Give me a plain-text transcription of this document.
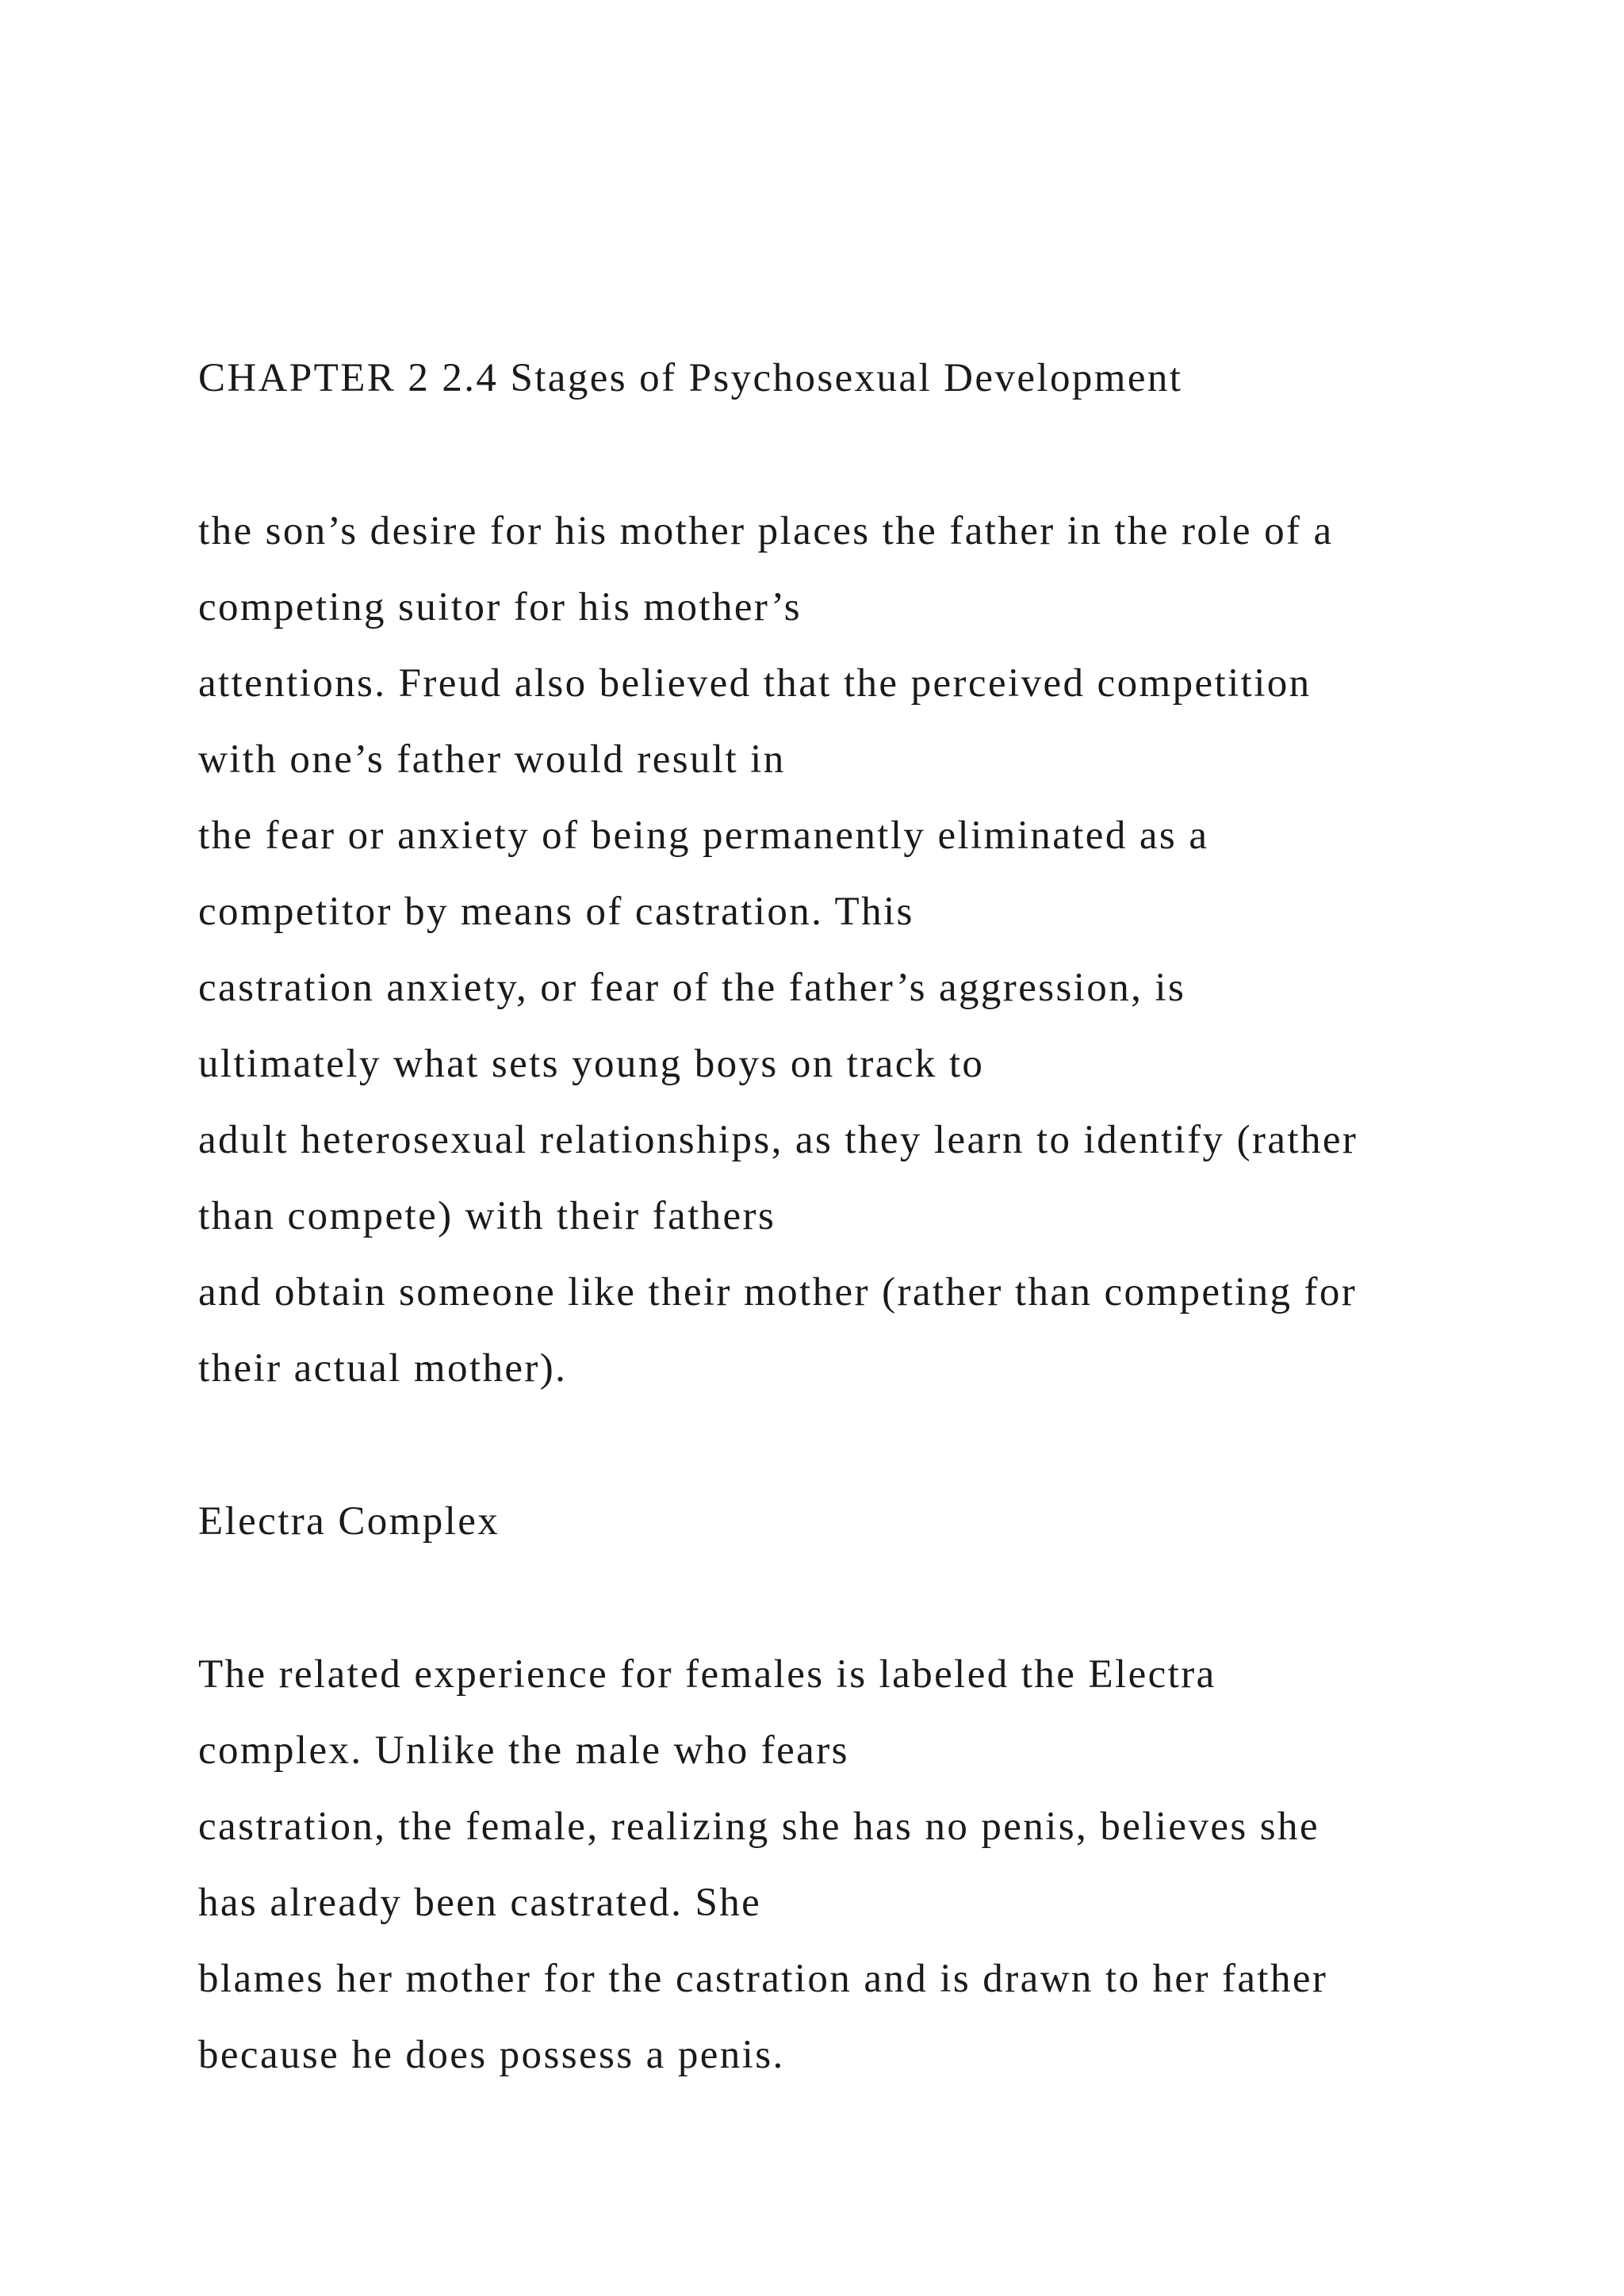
CHAPTER 2 2.4 Stages of Psychosexual Development
the son’s desire for his mother places the father in the role of a
competing suitor for his mother’s
attentions. Freud also believed that the perceived competition
with one’s father would result in
the fear or anxiety of being permanently eliminated as a
competitor by means of castration. This
castration anxiety, or fear of the father’s aggression, is
ultimately what sets young boys on track to
adult heterosexual relationships, as they learn to identify (rather
than compete) with their fathers
and obtain someone like their mother (rather than competing for
their actual mother).
Electra Complex
The related experience for females is labeled the Electra
complex. Unlike the male who fears
castration, the female, realizing she has no penis, believes she
has already been castrated. She
blames her mother for the castration and is drawn to her father
because he does possess a penis.
